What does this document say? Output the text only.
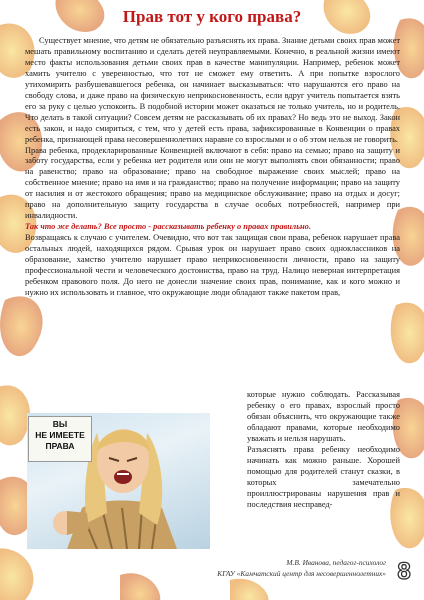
Прав тот у кого права?

Существует мнение, что детям не обязательно разъяснять их права. Знание детьми своих прав может мешать правильному воспитанию и сделать детей неуправляемыми. Конечно, в реальной жизни имеют место факты использования детьми своих прав в качестве манипуляции. Например, ребенок может хамить учителю с уверенностью, что тот не сможет ему ответить. А при попытке взрослого утихомирить разбушевавшегося ребенка, он начинает высказываться: что нарушаются его право на свободу слова, и даже право на физическую неприкосновенность, если вдруг учитель попытается взять его за руку с целью успокоить. В подобной истории может оказаться не только учитель, но и родитель. Что делать в такой ситуации? Совсем детям не рассказывать об их правах? Но ведь это не выход. Закон есть закон, и надо смириться, с тем, что у детей есть права, зафиксированные в Конвенции о правах ребенка, признающей права несовершеннолетних наравне со взрослыми и о об этом нельзя не говорить.

Права ребенка, продекларированные Конвенцией включают в себя: право на семью; право на защиту и заботу государства, если у ребенка нет родителя или они не могут выполнять свои обязанности; право на равенство; право на образование; право на свободное выражение своих мыслей; право на собственное мнение; право на имя и на гражданство; право на получение информации; право на защиту от насилия и от жестокого обращения; право на медицинское обслуживание; право на отдых и досуг; право на дополнительную защиту государства в случае особых потребностей, например при инвалидности.

Так что же делать? Все просто - рассказывать ребенку о правах правильно.

Возвращаясь к случаю с учителем. Очевидно, что вот так защищая свои права, ребенок нарушает права остальных людей, находящихся рядом. Срывая урок он нарушает право своих одноклассников на образование, хамство учителю нарушает право неприкосновенности личности, право на защиту профессиональной чести и человеческого достоинства, право на труд. Налицо неверная интерпретация ребенком правового поля. До него не донесли значение своих прав, понимание, как и кого можно и нужно их использовать и главное, что окружающие люди обладают также пакетом прав,

ВЫ
НЕ ИМЕЕТЕ
ПРАВА

которые нужно соблюдать. Рассказывая ребенку о его правах, взрослый просто обязан объяснить, что окружающие также обладают правами, которые необходимо уважать и нельзя нарушать.

Разъяснять права ребенку необходимо начинать как можно раньше. Хорошей помощью для родителей станут сказки, в которых замечательно проиллюстрированы нарушения прав и последствия несправед-

М.В. Иванова, педагог-психолог
КГАУ «Камчатский центр для несовершеннолетних» 8
